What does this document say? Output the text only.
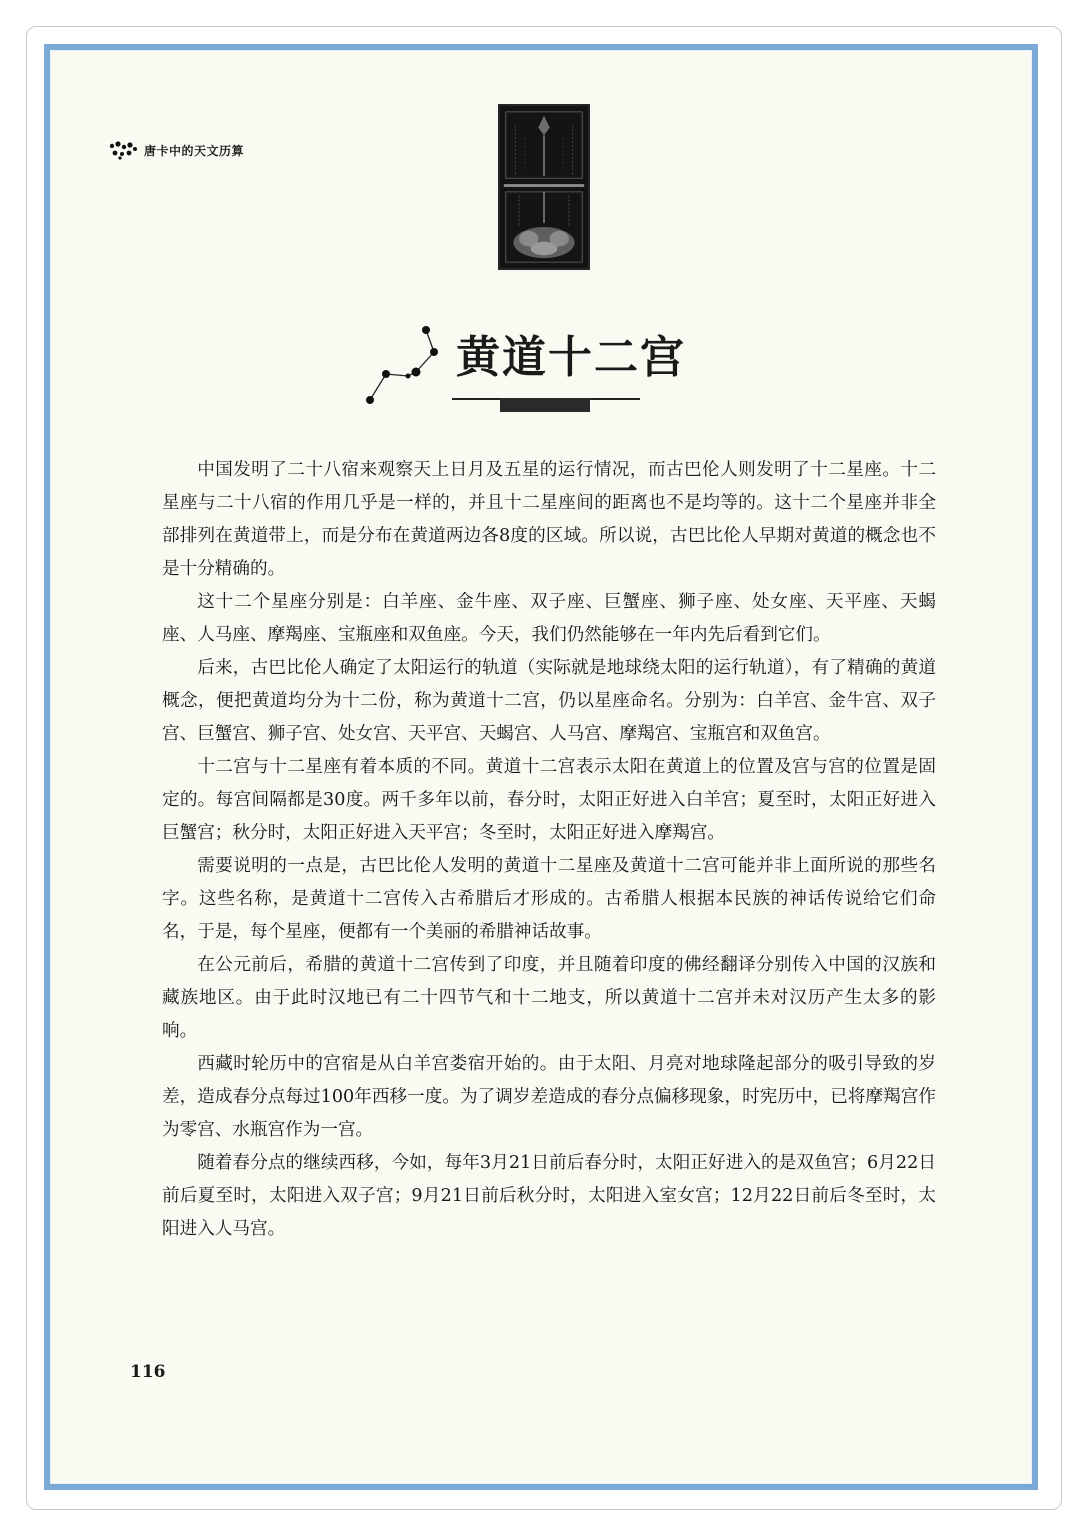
唐卡中的天文历算
黄道十二宫

中国发明了二十八宿来观察天上日月及五星的运行情况，而古巴伦人则发明了十二星座。十二星座与二十八宿的作用几乎是一样的，并且十二星座间的距离也不是均等的。这十二个星座并非全部排列在黄道带上，而是分布在黄道两边各8度的区域。所以说，古巴比伦人早期对黄道的概念也不是十分精确的。

这十二个星座分别是：白羊座、金牛座、双子座、巨蟹座、狮子座、处女座、天平座、天蝎座、人马座、摩羯座、宝瓶座和双鱼座。今天，我们仍然能够在一年内先后看到它们。

后来，古巴比伦人确定了太阳运行的轨道（实际就是地球绕太阳的运行轨道），有了精确的黄道概念，便把黄道均分为十二份，称为黄道十二宫，仍以星座命名。分别为：白羊宫、金牛宫、双子宫、巨蟹宫、狮子宫、处女宫、天平宫、天蝎宫、人马宫、摩羯宫、宝瓶宫和双鱼宫。

十二宫与十二星座有着本质的不同。黄道十二宫表示太阳在黄道上的位置及宫与宫的位置是固定的。每宫间隔都是30度。两千多年以前，春分时，太阳正好进入白羊宫；夏至时，太阳正好进入巨蟹宫；秋分时，太阳正好进入天平宫；冬至时，太阳正好进入摩羯宫。

需要说明的一点是，古巴比伦人发明的黄道十二星座及黄道十二宫可能并非上面所说的那些名字。这些名称，是黄道十二宫传入古希腊后才形成的。古希腊人根据本民族的神话传说给它们命名，于是，每个星座，便都有一个美丽的希腊神话故事。

在公元前后，希腊的黄道十二宫传到了印度，并且随着印度的佛经翻译分别传入中国的汉族和藏族地区。由于此时汉地已有二十四节气和十二地支，所以黄道十二宫并未对汉历产生太多的影响。

西藏时轮历中的宫宿是从白羊宫娄宿开始的。由于太阳、月亮对地球隆起部分的吸引导致的岁差，造成春分点每过100年西移一度。为了调岁差造成的春分点偏移现象，时宪历中，已将摩羯宫作为零宫、水瓶宫作为一宫。

随着春分点的继续西移，今如，每年3月21日前后春分时，太阳正好进入的是双鱼宫；6月22日前后夏至时，太阳进入双子宫；9月21日前后秋分时，太阳进入室女宫；12月22日前后冬至时，太阳进入人马宫。

116
